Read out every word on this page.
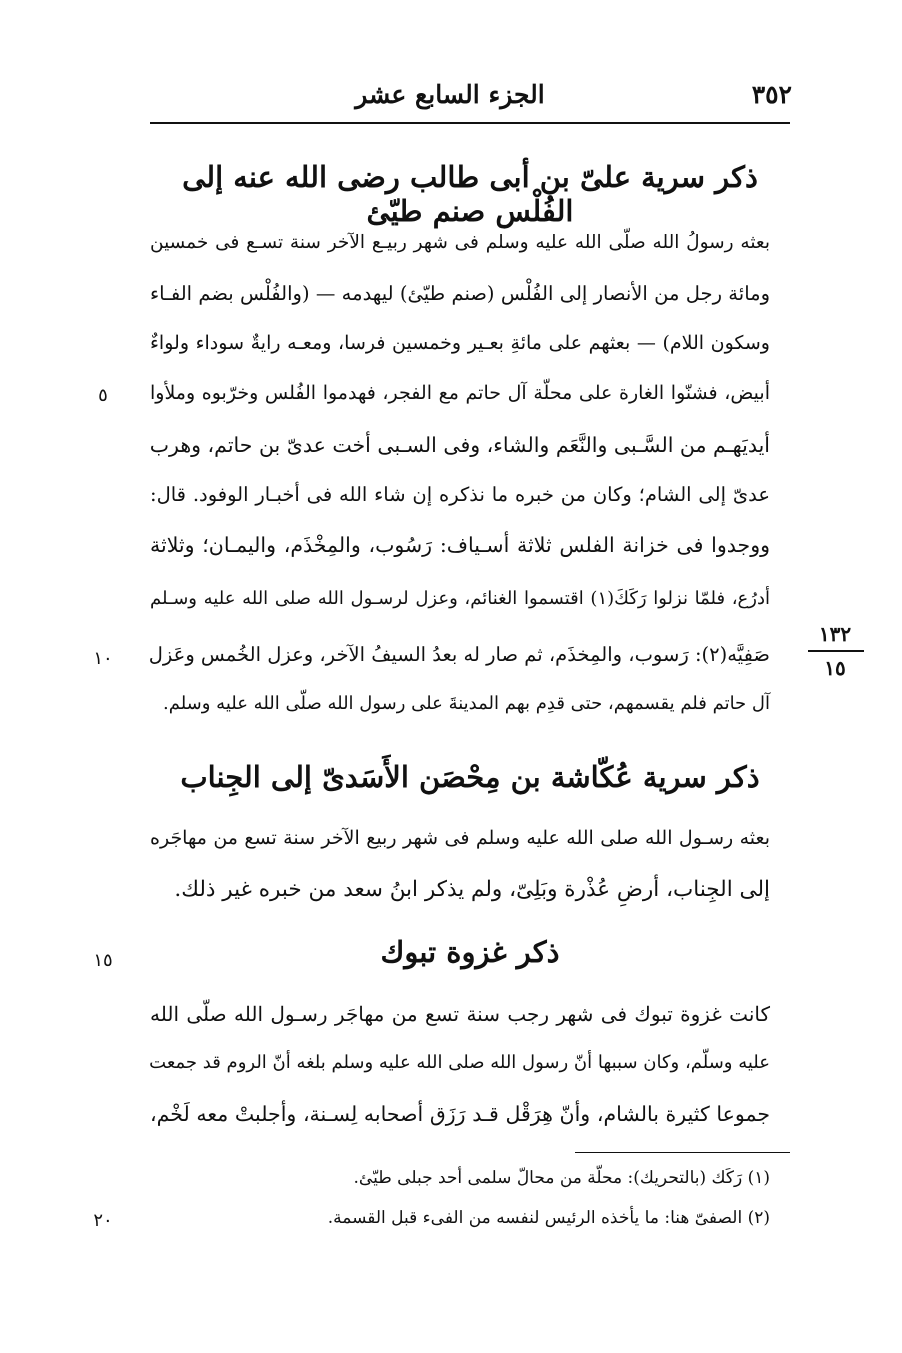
٣٥٢
الجزء السابع عشر
ذكر سرية علىّ بن أبى طالب رضى الله عنه إلى الفُلْس صنم طيّئ
بعثه رسولُ الله صلّى الله عليه وسلم فى شهر ربيـع الآخر سنة تسـع فى خمسين
ومائة رجل من الأنصار إلى الفُلْس (صنم طيّئ) ليهدمه — (والفُلْس بضم الفـاء
وسكون اللام) — بعثهم على مائةِ بعـير وخمسين فرسا، ومعـه رايةٌ سوداء ولواءٌ
أبيض، فشنّوا الغارة على محلّة آل حاتم مع الفجر، فهدموا الفُلس وخرّبوه وملأوا
أيديَهـم من السَّـبى والنَّعَم والشاء، وفى السـبى أخت عدىّ بن حاتم، وهرب
عدىّ إلى الشام؛ وكان من خبره ما نذكره إن شاء الله فى أخبـار الوفود. قال:
ووجدوا فى خزانة الفلس ثلاثة أسـياف: رَسُوب، والمِخْذَم، واليمـان؛ وثلاثة
أدرُع، فلمّا نزلوا رَكَكَ(١) اقتسموا الغنائم، وعزل لرسـول الله صلى الله عليه وسـلم
صَفِيَّه(٢): رَسوب، والمِخذَم، ثم صار له بعدُ السيفُ الآخر، وعزل الخُمس وعَزل
آل حاتم فلم يقسمهم، حتى قدِم بهم المدينةَ على رسول الله صلّى الله عليه وسلم.
ذكر سرية عُكّاشة بن مِحْصَن الأَسَدىّ إلى الجِناب
بعثه رسـول الله صلى الله عليه وسلم فى شهر ربيع الآخر سنة تسع من مهاجَره
إلى الجِناب، أرضِ عُذْرة وبَلِىّ، ولم يذكر ابنُ سعد من خبره غير ذلك.
ذكر غزوة تبوك
كانت غزوة تبوك فى شهر رجب سنة تسع من مهاجَر رسـول الله صلّى الله
عليه وسلّم، وكان سببها أنّ رسول الله صلى الله عليه وسلم بلغه أنّ الروم قد جمعت
جموعا كثيرة بالشام، وأنّ هِرَقْل قـد رَزَق أصحابه لِسـنة، وأجلبتْ معه لَخْم،
٥
١٠
١٥
٢٠
١٣٢
١٥
(١) رَكَك (بالتحريك): محلّة من محالّ سلمى أحد جبلى طيّئ.
(٢) الصفىّ هنا: ما يأخذه الرئيس لنفسه من الفىء قبل القسمة.
